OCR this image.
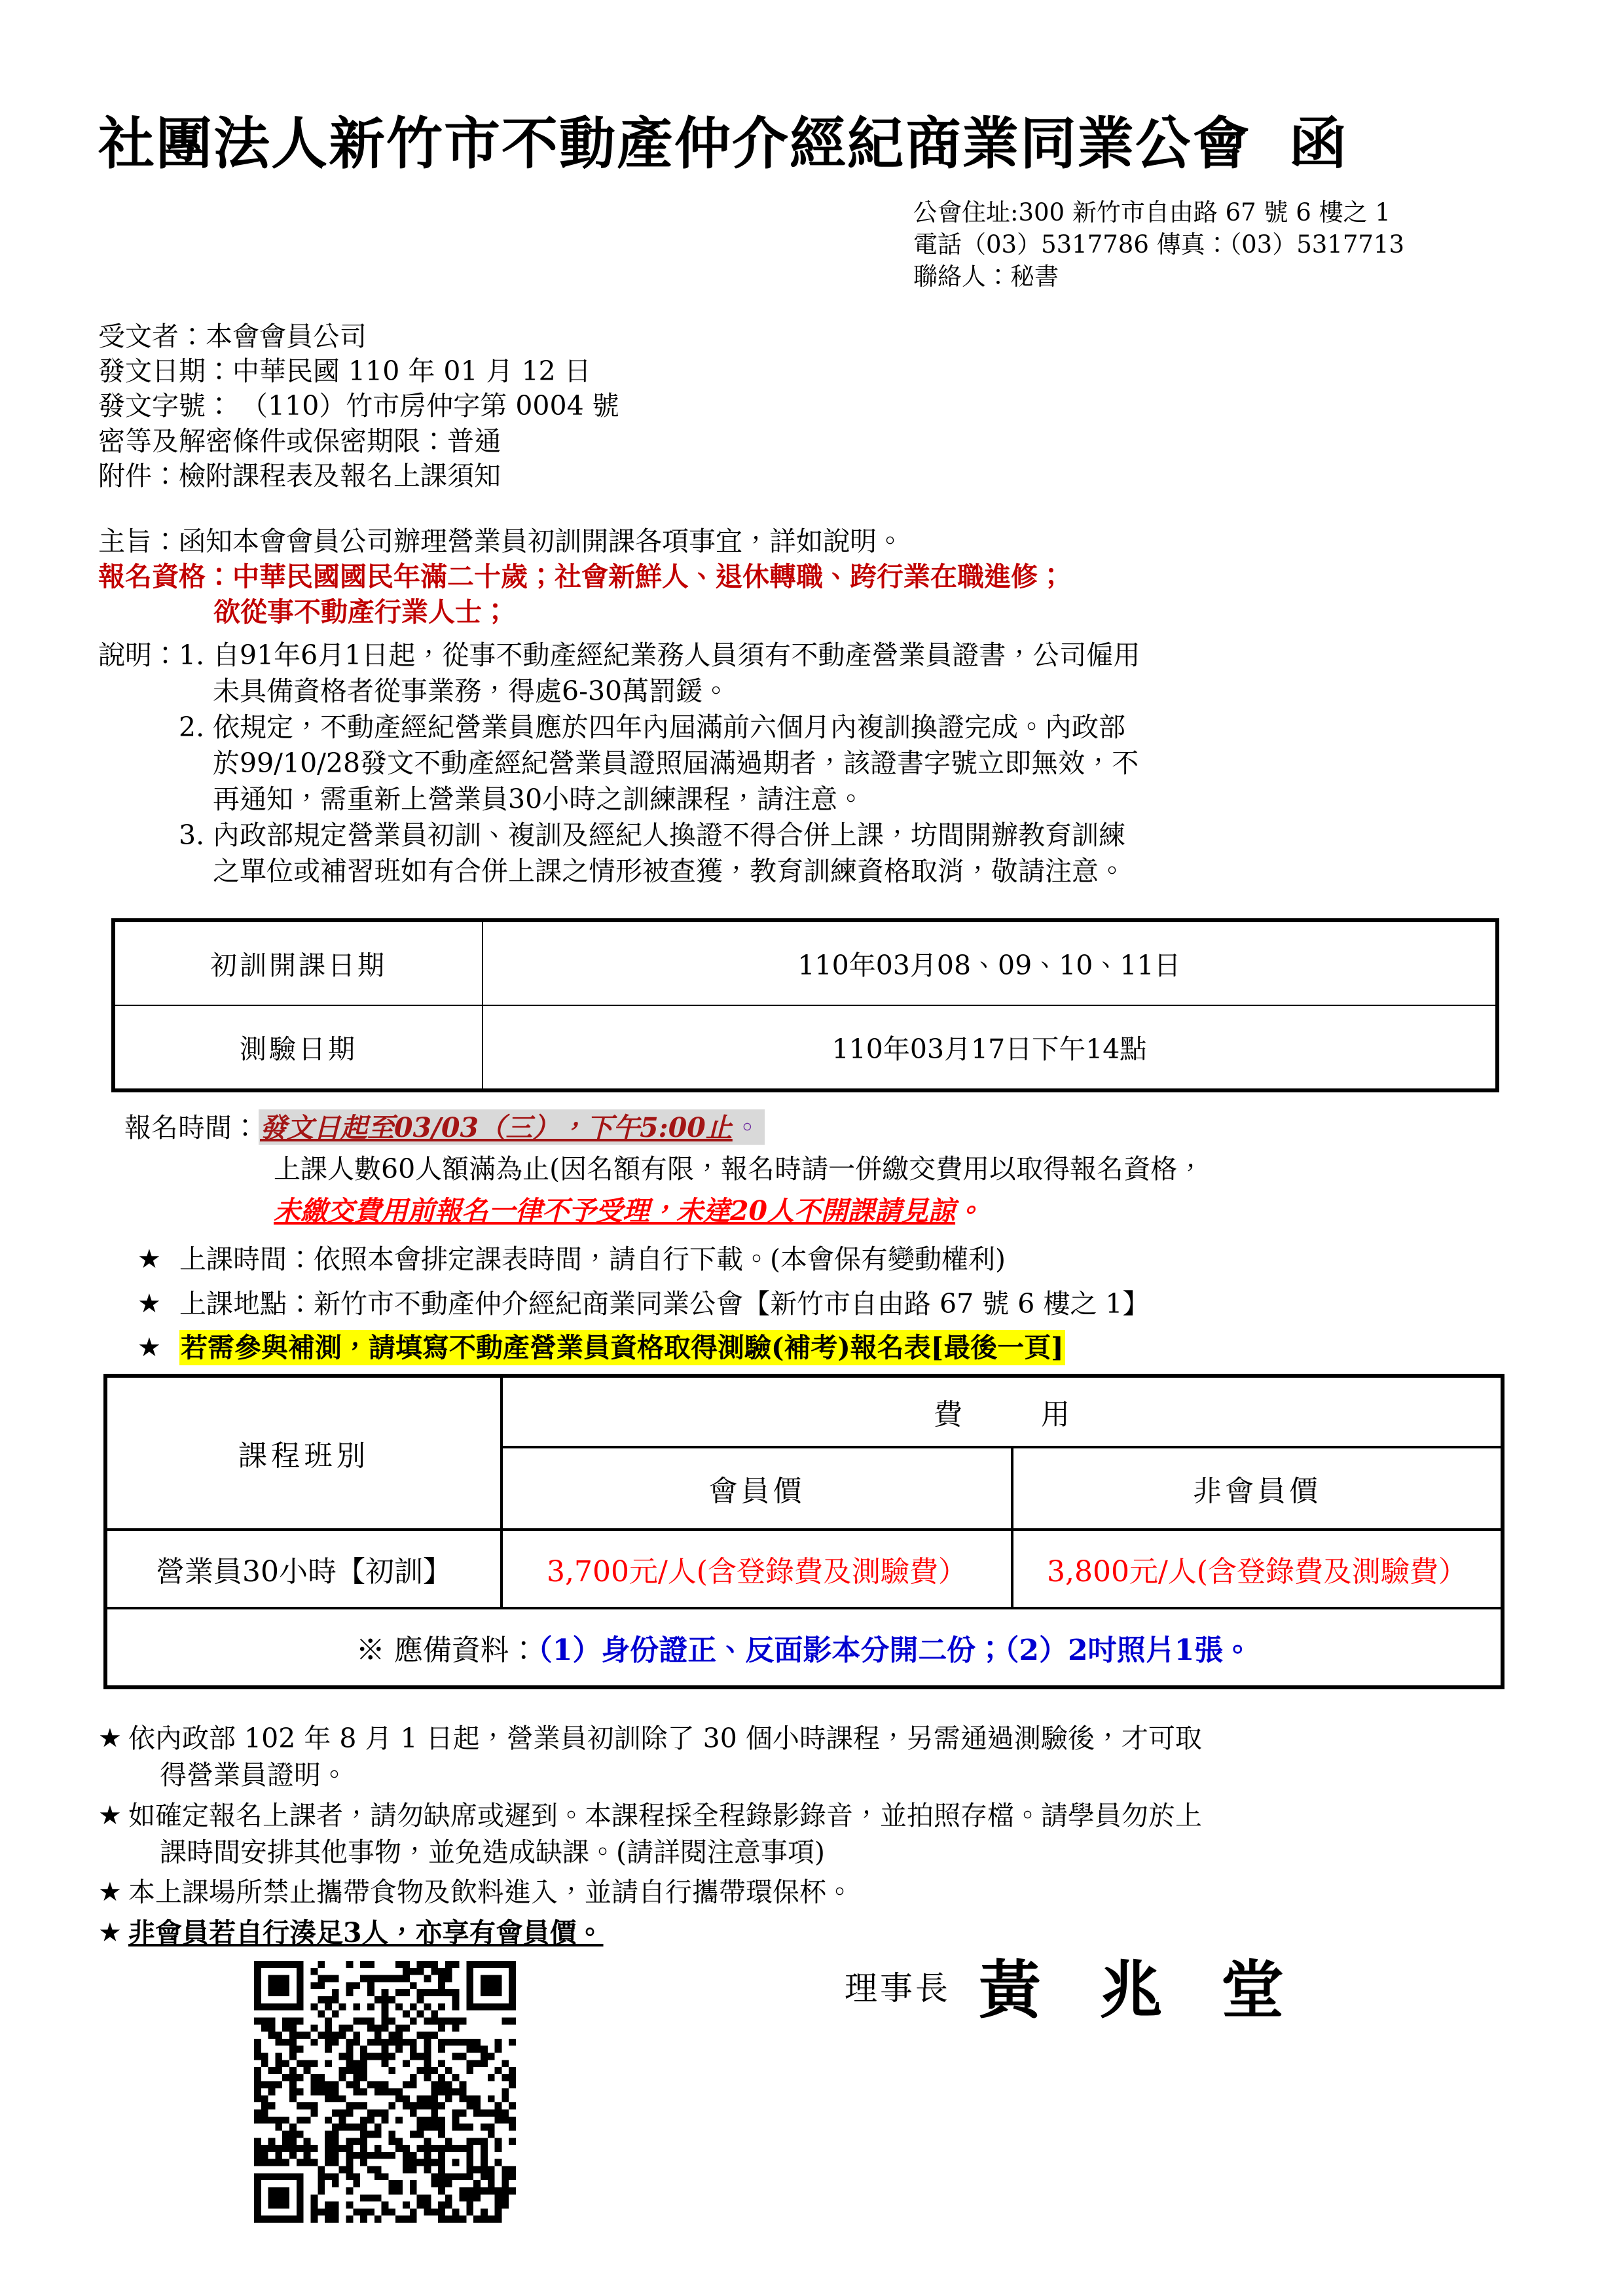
社團法人新竹市不動產仲介經紀商業同業公會 函
公會住址:300 新竹市自由路 67 號 6 樓之 1
電話（03）5317786 傳真：（03）5317713
聯絡人：秘書
受文者：本會會員公司
發文日期：中華民國 110 年 01 月 12 日
發文字號： （110）竹市房仲字第 0004 號
密等及解密條件或保密期限：普通
附件：檢附課程表及報名上課須知
主旨：函知本會會員公司辦理營業員初訓開課各項事宜，詳如說明。
報名資格：中華民國國民年滿二十歲；社會新鮮人、退休轉職、跨行業在職進修；
欲從事不動產行業人士；
說明： 1. 自91年6月1日起，從事不動產經紀業務人員須有不動產營業員證書，公司僱用
未具備資格者從事業務，得處6-30萬罰鍰。
2. 依規定，不動產經紀營業員應於四年內屆滿前六個月內複訓換證完成。內政部
於99/10/28發文不動產經紀營業員證照屆滿過期者，該證書字號立即無效，不
再通知，需重新上營業員30小時之訓練課程，請注意。
3. 內政部規定營業員初訓、複訓及經紀人換證不得合併上課，坊間開辦教育訓練
之單位或補習班如有合併上課之情形被查獲，教育訓練資格取消，敬請注意。
初訓開課日期	110年03月08、09、10、11日
測驗日期	110年03月17日下午14點
報名時間：發文日起至03/03（三），下午5:00止。
上課人數60人額滿為止(因名額有限，報名時請一併繳交費用以取得報名資格，
未繳交費用前報名一律不予受理，未達20人不開課請見諒。
★ 上課時間：依照本會排定課表時間，請自行下載。(本會保有變動權利)
★ 上課地點：新竹市不動產仲介經紀商業同業公會【新竹市自由路 67 號 6 樓之 1】
★ 若需參與補測，請填寫不動產營業員資格取得測驗(補考)報名表[最後一頁]
課程班別	費用	
	會員價	非會員價
營業員30小時【初訓】	3,700元/人(含登錄費及測驗費）	3,800元/人(含登錄費及測驗費）
※ 應備資料：（1）身份證正、反面影本分開二份；（2）2吋照片1張。		
★ 依內政部 102 年 8 月 1 日起，營業員初訓除了 30 個小時課程，另需通過測驗後，才可取
得營業員證明。
★ 如確定報名上課者，請勿缺席或遲到。本課程採全程錄影錄音，並拍照存檔。請學員勿於上
課時間安排其他事物，並免造成缺課。(請詳閱注意事項)
★ 本上課場所禁止攜帶食物及飲料進入，並請自行攜帶環保杯。
★ 非會員若自行湊足3人，亦享有會員價。
理事長 黃 兆 堂
